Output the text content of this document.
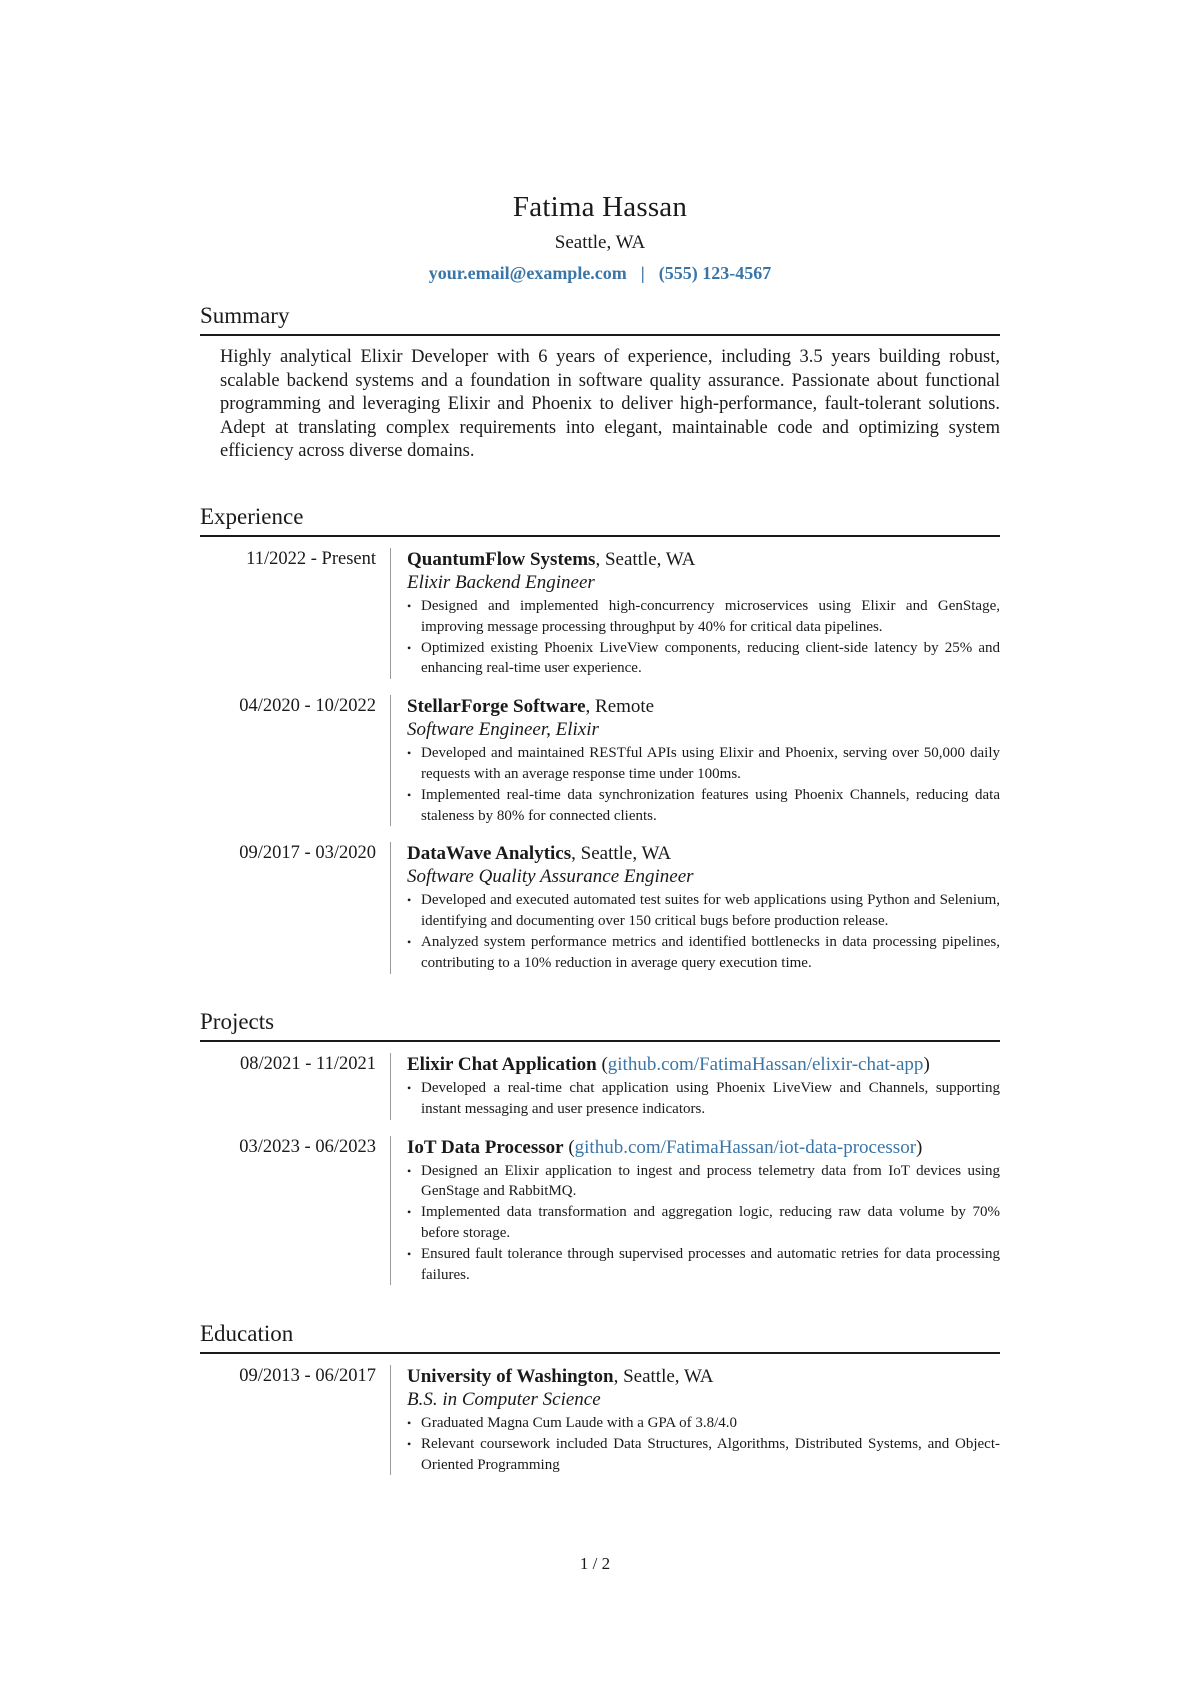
Fatima Hassan
Seattle, WA
your.email@example.com | (555) 123-4567
Summary

Highly analytical Elixir Developer with 6 years of experience, including 3.5 years building robust, scalable backend systems and a foundation in software quality assurance. Passionate about functional programming and leveraging Elixir and Phoenix to deliver high-performance, fault-tolerant solutions. Adept at translating complex requirements into elegant, maintainable code and optimizing system efficiency across diverse domains.

Experience
11/2022 - Present	QuantumFlow Systems, Seattle, WA
Elixir Backend Engineer
• Designed and implemented high-concurrency microservices using Elixir and GenStage, improving message processing throughput by 40% for critical data pipelines.
• Optimized existing Phoenix LiveView components, reducing client-side latency by 25% and enhancing real-time user experience.
04/2020 - 10/2022	StellarForge Software, Remote
Software Engineer, Elixir
• Developed and maintained RESTful APIs using Elixir and Phoenix, serving over 50,000 daily requests with an average response time under 100ms.
• Implemented real-time data synchronization features using Phoenix Channels, reducing data staleness by 80% for connected clients.
09/2017 - 03/2020	DataWave Analytics, Seattle, WA
Software Quality Assurance Engineer
• Developed and executed automated test suites for web applications using Python and Selenium, identifying and documenting over 150 critical bugs before production release.
• Analyzed system performance metrics and identified bottlenecks in data processing pipelines, contributing to a 10% reduction in average query execution time.
Projects
08/2021 - 11/2021	Elixir Chat Application (github.com/FatimaHassan/elixir-chat-app)
• Developed a real-time chat application using Phoenix LiveView and Channels, supporting instant messaging and user presence indicators.
03/2023 - 06/2023	IoT Data Processor (github.com/FatimaHassan/iot-data-processor)
• Designed an Elixir application to ingest and process telemetry data from IoT devices using GenStage and RabbitMQ.
• Implemented data transformation and aggregation logic, reducing raw data volume by 70% before storage.
• Ensured fault tolerance through supervised processes and automatic retries for data processing failures.
Education
09/2013 - 06/2017	University of Washington, Seattle, WA
B.S. in Computer Science
• Graduated Magna Cum Laude with a GPA of 3.8/4.0
• Relevant coursework included Data Structures, Algorithms, Distributed Systems, and Object-Oriented Programming
1 / 2
